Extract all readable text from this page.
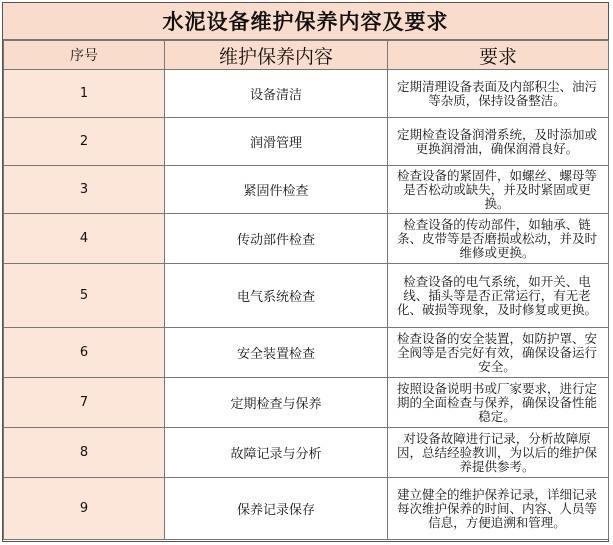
水泥设备维护保养内容及要求
序号	维护保养内容	要求
1	设备清洁	定期清理设备表面及内部积尘、油污等杂质，保持设备整洁。
2	润滑管理	定期检查设备润滑系统，及时添加或更换润滑油，确保润滑良好。
3	紧固件检查	检查设备的紧固件，如螺丝、螺母等是否松动或缺失，并及时紧固或更换。
4	传动部件检查	检查设备的传动部件，如轴承、链条、皮带等是否磨损或松动，并及时维修或更换。
5	电气系统检查	检查设备的电气系统，如开关、电线、插头等是否正常运行，有无老化、破损等现象，及时修复或更换。
6	安全装置检查	检查设备的安全装置，如防护罩、安全阀等是否完好有效，确保设备运行安全。
7	定期检查与保养	按照设备说明书或厂家要求，进行定期的全面检查与保养，确保设备性能稳定。
8	故障记录与分析	对设备故障进行记录，分析故障原因，总结经验教训，为以后的维护保养提供参考。
9	保养记录保存	建立健全的维护保养记录，详细记录每次维护保养的时间、内容、人员等信息，方便追溯和管理。
